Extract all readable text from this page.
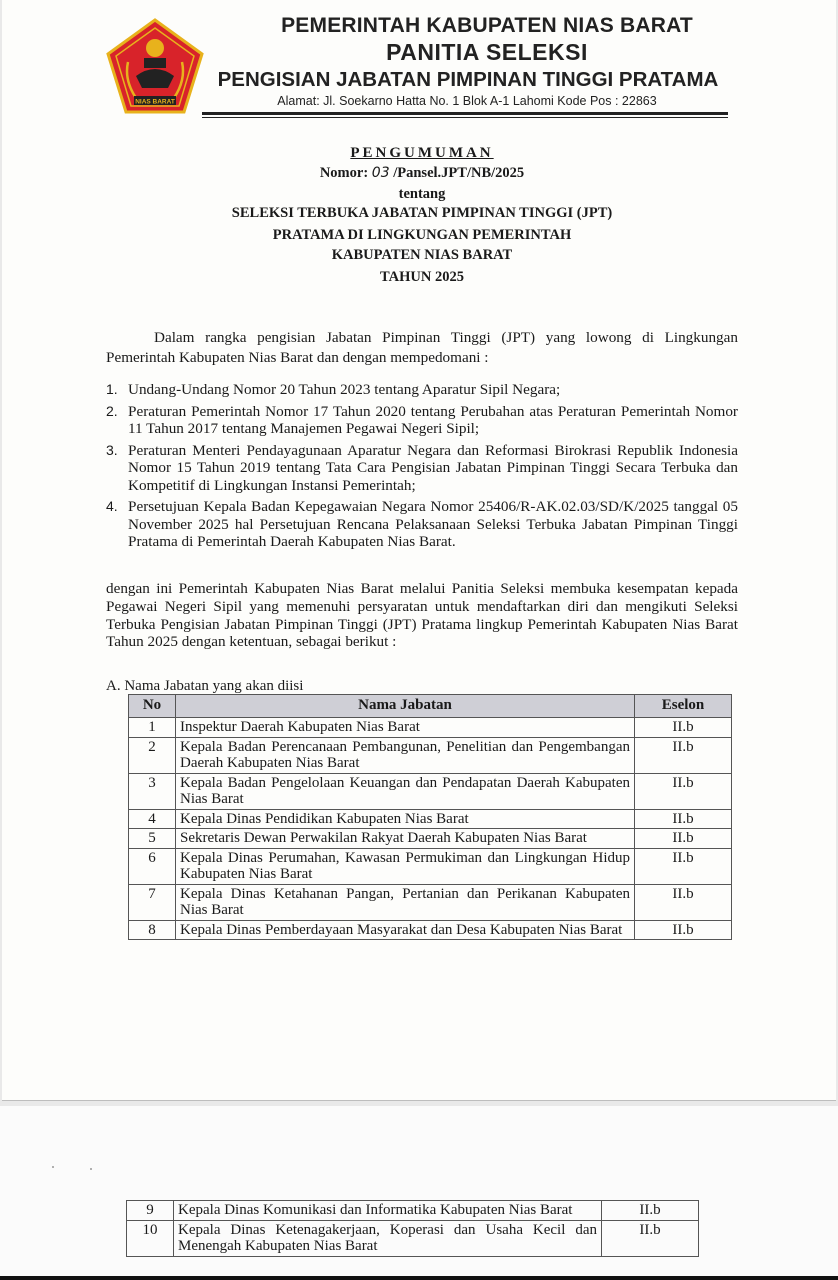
NIAS BARAT
PEMERINTAH KABUPATEN NIAS BARAT
PANITIA SELEKSI
PENGISIAN JABATAN PIMPINAN TINGGI PRATAMA
Alamat: Jl. Soekarno Hatta No. 1 Blok A-1 Lahomi Kode Pos : 22863
PENGUMUMAN
Nomor: 03 /Pansel.JPT/NB/2025
tentang
SELEKSI TERBUKA JABATAN PIMPINAN TINGGI (JPT)
PRATAMA DI LINGKUNGAN PEMERINTAH
KABUPATEN NIAS BARAT
TAHUN 2025
Dalam rangka pengisian Jabatan Pimpinan Tinggi (JPT) yang lowong di Lingkungan Pemerintah Kabupaten Nias Barat dan dengan mempedomani :
1. Undang-Undang Nomor 20 Tahun 2023 tentang Aparatur Sipil Negara;
2. Peraturan Pemerintah Nomor 17 Tahun 2020 tentang Perubahan atas Peraturan Pemerintah Nomor 11 Tahun 2017 tentang Manajemen Pegawai Negeri Sipil;
3. Peraturan Menteri Pendayagunaan Aparatur Negara dan Reformasi Birokrasi Republik Indonesia Nomor 15 Tahun 2019 tentang Tata Cara Pengisian Jabatan Pimpinan Tinggi Secara Terbuka dan Kompetitif di Lingkungan Instansi Pemerintah;
4. Persetujuan Kepala Badan Kepegawaian Negara Nomor 25406/R-AK.02.03/SD/K/2025 tanggal 05 November 2025 hal Persetujuan Rencana Pelaksanaan Seleksi Terbuka Jabatan Pimpinan Tinggi Pratama di Pemerintah Daerah Kabupaten Nias Barat.
dengan ini Pemerintah Kabupaten Nias Barat melalui Panitia Seleksi membuka kesempatan kepada Pegawai Negeri Sipil yang memenuhi persyaratan untuk mendaftarkan diri dan mengikuti Seleksi Terbuka Pengisian Jabatan Pimpinan Tinggi (JPT) Pratama lingkup Pemerintah Kabupaten Nias Barat Tahun 2025 dengan ketentuan, sebagai berikut :
A. Nama Jabatan yang akan diisi
No	Nama Jabatan	Eselon
1	Inspektur Daerah Kabupaten Nias Barat	II.b
2	Kepala Badan Perencanaan Pembangunan, Penelitian dan Pengembangan Daerah Kabupaten Nias Barat	II.b
3	Kepala Badan Pengelolaan Keuangan dan Pendapatan Daerah Kabupaten Nias Barat	II.b
4	Kepala Dinas Pendidikan Kabupaten Nias Barat	II.b
5	Sekretaris Dewan Perwakilan Rakyat Daerah Kabupaten Nias Barat	II.b
6	Kepala Dinas Perumahan, Kawasan Permukiman dan Lingkungan Hidup Kabupaten Nias Barat	II.b
7	Kepala Dinas Ketahanan Pangan, Pertanian dan Perikanan Kabupaten Nias Barat	II.b
8	Kepala Dinas Pemberdayaan Masyarakat dan Desa Kabupaten Nias Barat	II.b
9	Kepala Dinas Komunikasi dan Informatika Kabupaten Nias Barat	II.b
10	Kepala Dinas Ketenagakerjaan, Koperasi dan Usaha Kecil dan Menengah Kabupaten Nias Barat	II.b
